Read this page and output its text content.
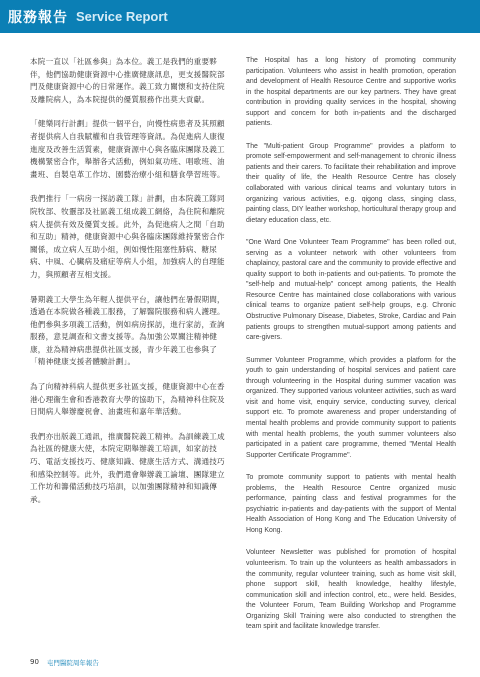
服務報告 Service Report

本院一直以「社區參與」為本位。義工是我們的重要夥伴，他們協助健康資源中心推廣健康訊息，更支援醫院部門及健康資源中心的日常運作。義工致力關懷和支持住院及離院病人，為本院提供的優質服務作出莫大貢獻。

「健樂同行計劃」提供一個平台，向慢性病患者及其照顧者提供病人自我賦權和自我管理等資訊。為促進病人康復進度及改善生活質素，健康資源中心與各臨床團隊及義工機構緊密合作，舉辦各式活動，例如氣功班、唱歌班、油畫班、自製皂革工作坊、園藝治療小組和膳食學習班等。

我們推行「一病房一探訪義工隊」計劃，由本院義工隊同院牧部、牧靈部及社區義工組成義工網絡，為住院和離院病人提供有效及優質支援。此外，為促進病人之間「自助和互助」精神，健康資源中心與各臨床團隊維持緊密合作關係，成立病人互助小組，例如慢性阻塞性肺病、糖尿病、中風、心臟病及痛症等病人小組，加強病人的自理能力，與照顧者互相支援。

暑期義工大學生為年輕人提供平台，讓他們在暑假期間，透過在本院做各種義工服務，了解醫院服務和病人護理。他們參與多項義工活動，例如病房探訪，進行家訪，查詢服務，意見調查和文書支援等。為加強公眾關注精神健康，並為精神病患提供社區支援，青少年義工也參與了「精神健康支援者體驗計劃」。

為了向精神科病人提供更多社區支援，健康資源中心在香港心理衞生會和香港教育大學的協助下，為精神科住院及日間病人舉辦慶祝會、油畫班和嘉年華活動。

我們亦出版義工通訊，推廣醫院義工精神。為訓練義工成為社區的健康大使，本院定期舉辦義工培訓，如家訪技巧、電話支援技巧、健康知識、健康生活方式、溝通技巧和感染控制等。此外，我們還會舉辦義工論壇、團隊建立工作坊和籌備活動技巧培訓，以加強團隊精神和知識傳承。

The Hospital has a long history of promoting community participation. Volunteers who assist in health promotion, operation and development of Health Resource Centre and supportive works in the hospital departments are our key partners. They have great contribution in providing quality services in the hospital, showing support and concern for both in-patients and the discharged patients.

The "Multi-patient Group Programme" provides a platform to promote self-empowerment and self-management to chronic illness patients and their carers. To facilitate their rehabilitation and improve their quality of life, the Health Resource Centre has closely collaborated with various clinical teams and voluntary tutors in organizing various activities, e.g. qigong class, singing class, painting class, DIY leather workshop, horticultural therapy group and dietary education class, etc.

"One Ward One Volunteer Team Programme" has been rolled out, serving as a volunteer network with other volunteers from chaplaincy, pastoral care and the community to provide effective and quality support to both in-patients and out-patients. To promote the "self-help and mutual-help" concept among patients, the Health Resource Centre has maintained close collaborations with various clinical teams to organize patient self-help groups, e.g. Chronic Obstructive Pulmonary Disease, Diabetes, Stroke, Cardiac and Pain patients groups to strengthen mutual-support among patients and care-givers.

Summer Volunteer Programme, which provides a platform for the youth to gain understanding of hospital services and patient care through volunteering in the Hospital during summer vacation was organized. They supported various volunteer activities, such as ward visit and home visit, enquiry service, conducting survey, clerical support etc. To promote awareness and proper understanding of mental health problems and provide community support to patients with mental health problems, the youth summer volunteers also participated in a patient care programme, themed "Mental Health Supporter Certificate Programme".

To promote community support to patients with mental health problems, the Health Resource Centre organized music performance, painting class and festival programmes for the psychiatric in-patients and day-patients with the support of Mental Health Association of Hong Kong and The Education University of Hong Kong.

Volunteer Newsletter was published for promotion of hospital volunteerism. To train up the volunteers as health ambassadors in the community, regular volunteer training, such as home visit skill, phone support skill, health knowledge, healthy lifestyle, communication skill and infection control, etc., were held. Besides, the Volunteer Forum, Team Building Workshop and Programme Organizing Skill Training were also conducted to strengthen the team spirit and facilitate knowledge transfer.

90 屯門醫院周年報告
